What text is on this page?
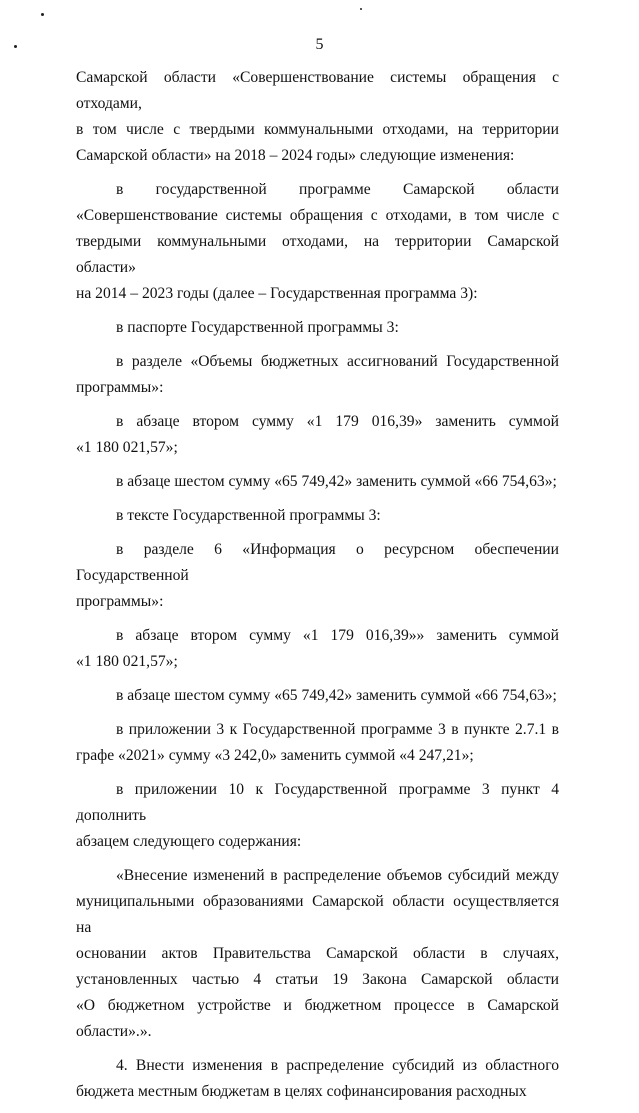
5

Самарской области «Совершенствование системы обращения с отходами,
в том числе с твердыми коммунальными отходами, на территории
Самарской области» на 2018 – 2024 годы» следующие изменения:

в государственной программе Самарской области
«Совершенствование системы обращения с отходами, в том числе с
твердыми коммунальными отходами, на территории Самарской области»
на 2014 – 2023 годы (далее – Государственная программа 3):

в паспорте Государственной программы 3:

в разделе «Объемы бюджетных ассигнований Государственной
программы»:

в абзаце втором сумму «1 179 016,39» заменить суммой
«1 180 021,57»;

в абзаце шестом сумму «65 749,42» заменить суммой «66 754,63»;

в тексте Государственной программы 3:

в разделе 6 «Информация о ресурсном обеспечении Государственной
программы»:

в абзаце втором сумму «1 179 016,39»» заменить суммой
«1 180 021,57»;

в абзаце шестом сумму «65 749,42» заменить суммой «66 754,63»;

в приложении 3 к Государственной программе 3 в пункте 2.7.1 в
графе «2021» сумму «3 242,0» заменить суммой «4 247,21»;

в приложении 10 к Государственной программе 3 пункт 4 дополнить
абзацем следующего содержания:

«Внесение изменений в распределение объемов субсидий между
муниципальными образованиями Самарской области осуществляется на
основании актов Правительства Самарской области в случаях,
установленных частью 4 статьи 19 Закона Самарской области
«О бюджетном устройстве и бюджетном процессе в Самарской области».».

4. Внести изменения в распределение субсидий из областного
бюджета местным бюджетам в целях софинансирования расходных
